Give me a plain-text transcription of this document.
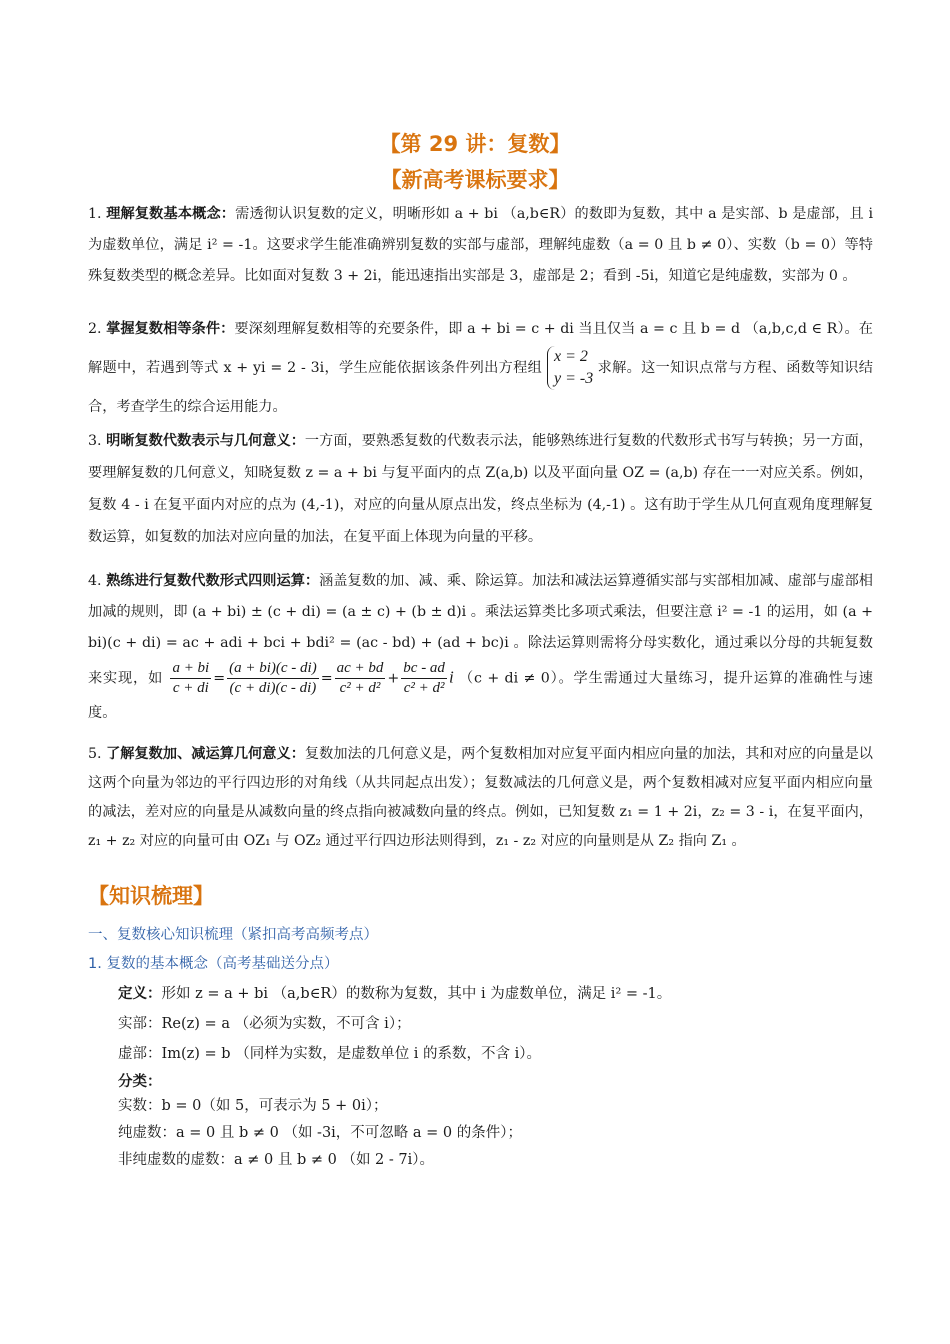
【第 29 讲：复数】
【新高考课标要求】
1. 理解复数基本概念：需透彻认识复数的定义，明晰形如 a + bi （a,b∈R）的数即为复数，其中 a 是实部、b 是虚部，且 i 为虚数单位，满足 i² = -1。这要求学生能准确辨别复数的实部与虚部，理解纯虚数（a = 0 且 b ≠ 0）、实数（b = 0）等特殊复数类型的概念差异。比如面对复数 3 + 2i，能迅速指出实部是 3，虚部是 2；看到 -5i，知道它是纯虚数，实部为 0 。
2. 掌握复数相等条件：要深刻理解复数相等的充要条件，即 a + bi = c + di 当且仅当 a = c 且 b = d （a,b,c,d ∈ R）。在解题中，若遇到等式 x + yi = 2 - 3i，学生应能依据该条件列出方程组
x = 2
y = -3
求解。这一知识点常与方程、函数等知识结合，考查学生的综合运用能力。
3. 明晰复数代数表示与几何意义：一方面，要熟悉复数的代数表示法，能够熟练进行复数的代数形式书写与转换；另一方面，要理解复数的几何意义，知晓复数 z = a + bi 与复平面内的点 Z(a,b) 以及平面向量 OZ = (a,b) 存在一一对应关系。例如，复数 4 - i 在复平面内对应的点为 (4,-1)，对应的向量从原点出发，终点坐标为 (4,-1) 。这有助于学生从几何直观角度理解复数运算，如复数的加法对应向量的加法，在复平面上体现为向量的平移。
4. 熟练进行复数代数形式四则运算：涵盖复数的加、减、乘、除运算。加法和减法运算遵循实部与实部相加减、虚部与虚部相加减的规则，即 (a + bi) ± (c + di) = (a ± c) + (b ± d)i 。乘法运算类比多项式乘法，但要注意 i² = -1 的运用，如 (a + bi)(c + di) = ac + adi + bci + bdi² = (ac - bd) + (ad + bc)i 。除法运算则需将分母实数化，通过乘以分母的共轭复数来实现，如 $\frac{a + bi}{c + di} = \frac{(a + bi)(c - di)}{(c + di)(c - di)} = \frac{ac + bd}{\text{c² + d²}} + \frac{bc - ad}{\text{c² + d²}}$ i （c + di ≠ 0）。学生需通过大量练习，提升运算的准确性与速度。
5. 了解复数加、减运算几何意义：复数加法的几何意义是，两个复数相加对应复平面内相应向量的加法，其和对应的向量是以这两个向量为邻边的平行四边形的对角线（从共同起点出发）；复数减法的几何意义是，两个复数相减对应复平面内相应向量的减法，差对应的向量是从减数向量的终点指向被减数向量的终点。例如，已知复数 z₁ = 1 + 2i，z₂ = 3 - i，在复平面内，z₁ + z₂ 对应的向量可由 OZ₁ 与 OZ₂ 通过平行四边形法则得到，z₁ - z₂ 对应的向量则是从 Z₂ 指向 Z₁ 。
【知识梳理】
一、复数核心知识梳理（紧扣高考高频考点）
1. 复数的基本概念（高考基础送分点）
定义：形如 z = a + bi （a,b∈R）的数称为复数，其中 i 为虚数单位，满足 i² = -1。
实部：Re(z) = a （必须为实数，不可含 i）；
虚部：Im(z) = b （同样为实数，是虚数单位 i 的系数，不含 i）。
分类：
实数：b = 0（如 5，可表示为 5 + 0i）；
纯虚数：a = 0 且 b ≠ 0 （如 -3i，不可忽略 a = 0 的条件）；
非纯虚数的虚数：a ≠ 0 且 b ≠ 0 （如 2 - 7i）。
